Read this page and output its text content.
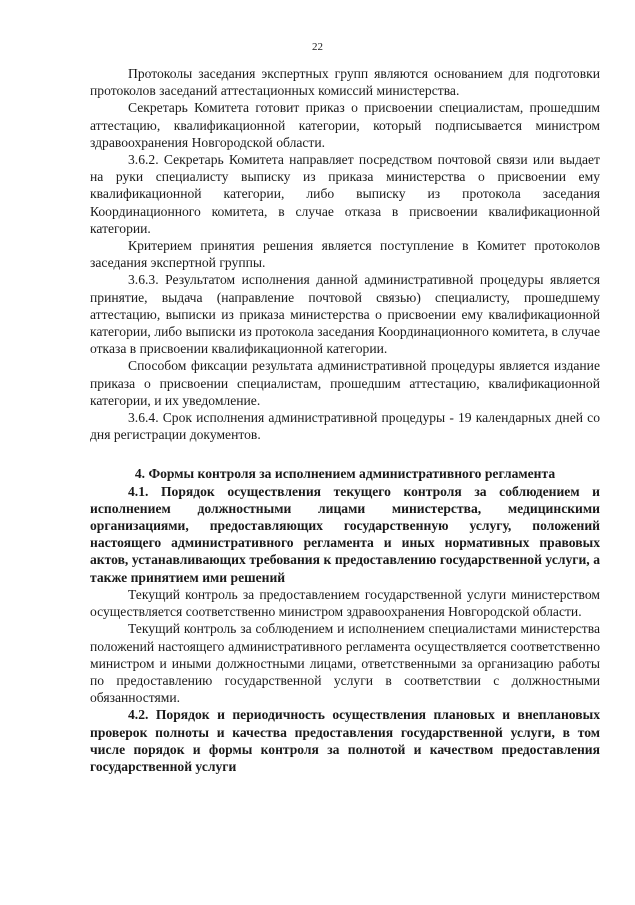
22

Протоколы заседания экспертных групп являются основанием для подготовки протоколов заседаний аттестационных комиссий министерства.

Секретарь Комитета готовит приказ о присвоении специалистам, прошедшим аттестацию, квалификационной категории, который подписывается министром здравоохранения Новгородской области.

3.6.2. Секретарь Комитета направляет посредством почтовой связи или выдает на руки специалисту выписку из приказа министерства о присвоении ему квалификационной категории, либо выписку из протокола заседания Координационного комитета, в случае отказа в присвоении квалификационной категории.

Критерием принятия решения является поступление в Комитет протоколов заседания экспертной группы.

3.6.3. Результатом исполнения данной административной процедуры является принятие, выдача (направление почтовой связью) специалисту, прошедшему аттестацию, выписки из приказа министерства о присвоении ему квалификационной категории, либо выписки из протокола заседания Координационного комитета, в случае отказа в присвоении квалификационной категории.

Способом фиксации результата административной процедуры является издание приказа о присвоении специалистам, прошедшим аттестацию, квалификационной категории, и их уведомление.

3.6.4. Срок исполнения административной процедуры - 19 календарных дней со дня регистрации документов.

4. Формы контроля за исполнением административного регламента

4.1. Порядок осуществления текущего контроля за соблюдением и исполнением должностными лицами министерства, медицинскими организациями, предоставляющих государственную услугу, положений настоящего административного регламента и иных нормативных правовых актов, устанавливающих требования к предоставлению государственной услуги, а также принятием ими решений

Текущий контроль за предоставлением государственной услуги министерством осуществляется соответственно министром здравоохранения Новгородской области.

Текущий контроль за соблюдением и исполнением специалистами министерства положений настоящего административного регламента осуществляется соответственно министром и иными должностными лицами, ответственными за организацию работы по предоставлению государственной услуги в соответствии с должностными обязанностями.

4.2. Порядок и периодичность осуществления плановых и внеплановых проверок полноты и качества предоставления государственной услуги, в том числе порядок и формы контроля за полнотой и качеством предоставления государственной услуги
